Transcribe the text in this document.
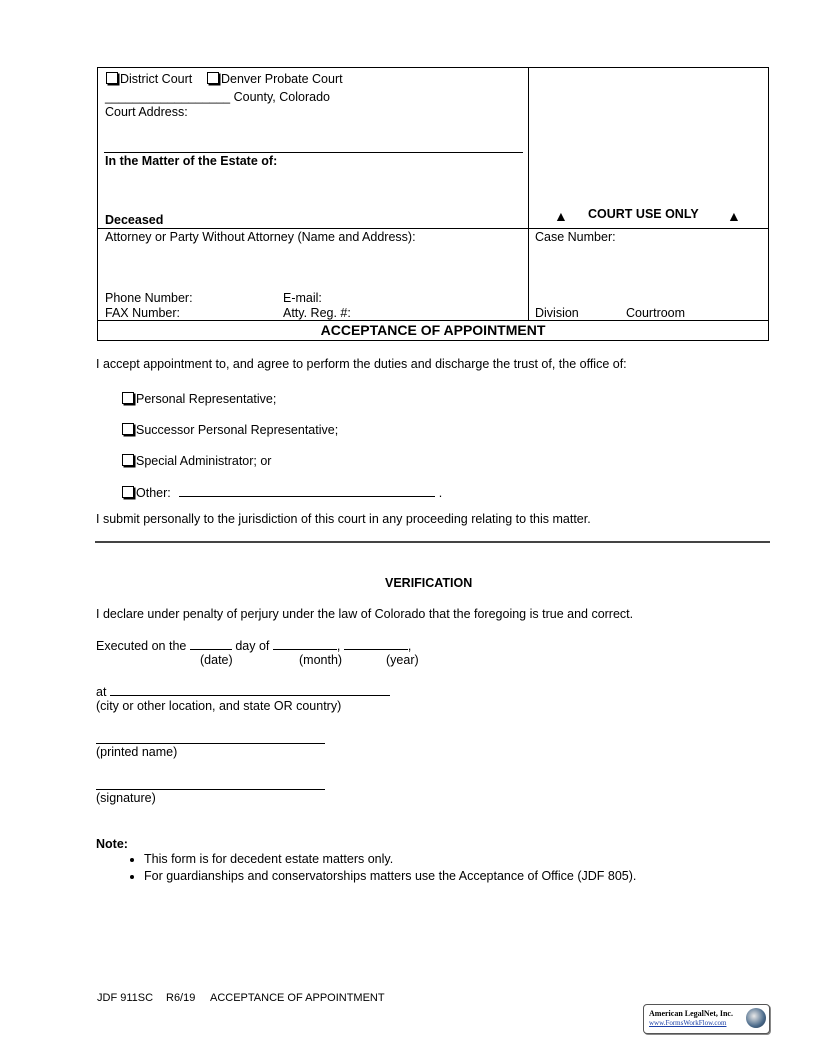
District Court	Denver Probate Court
__________________ County, Colorado
Court Address:
In the Matter of the Estate of:
Deceased	▲ COURT USE ONLY ▲
Attorney or Party Without Attorney (Name and Address):
Phone Number:	E-mail:
FAX Number:	Atty. Reg. #:
Case Number:
Division	Courtroom
ACCEPTANCE OF APPOINTMENT
I accept appointment to, and agree to perform the duties and discharge the trust of, the office of:
Personal Representative;
Successor Personal Representative;
Special Administrator; or
Other:	.
I submit personally to the jurisdiction of this court in any proceeding relating to this matter.
VERIFICATION
I declare under penalty of perjury under the law of Colorado that the foregoing is true and correct.
Executed on the	day of	,	,
(date)	(month)	(year)
at
(city or other location, and state OR country)
(printed name)
(signature)
Note:
• This form is for decedent estate matters only.
• For guardianships and conservatorships matters use the Acceptance of Office (JDF 805).
JDF 911SC R6/19 ACCEPTANCE OF APPOINTMENT
American LegalNet, Inc.
www.FormsWorkFlow.com
